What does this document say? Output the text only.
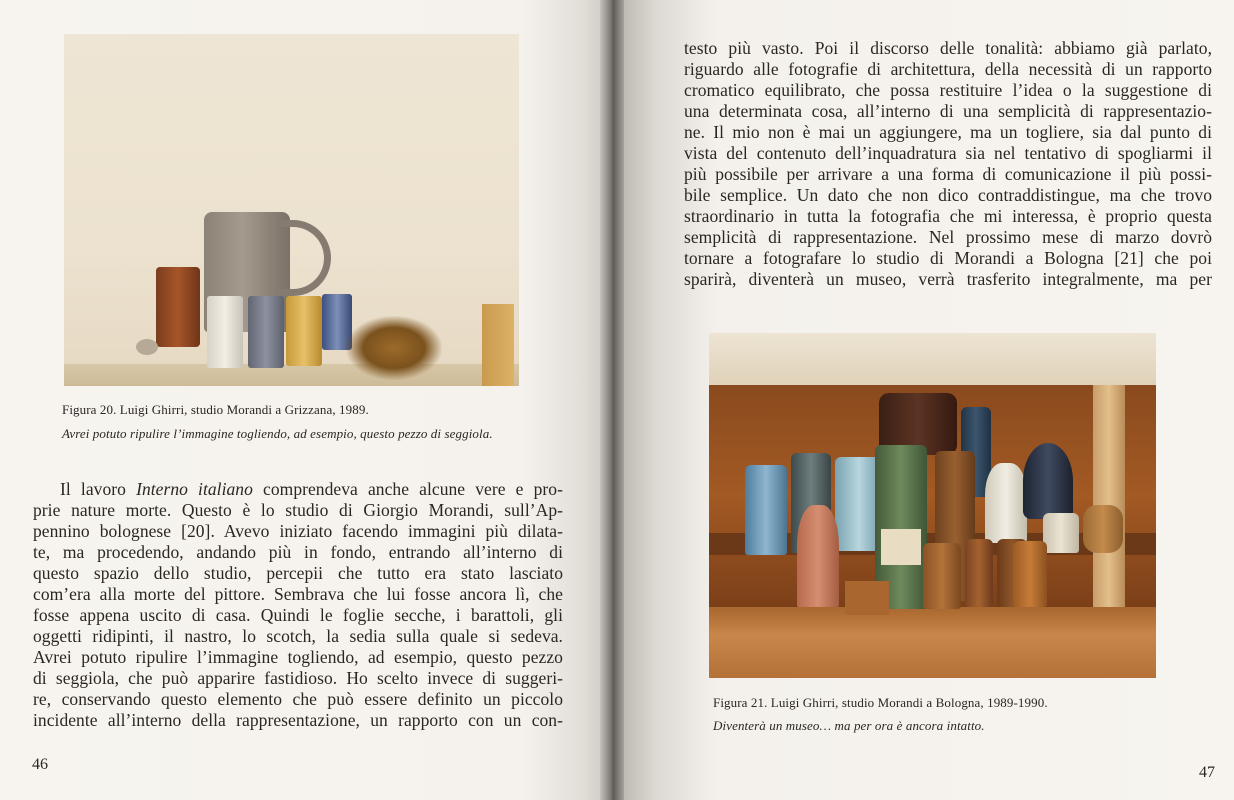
Figura 20. Luigi Ghirri, studio Morandi a Grizzana, 1989.
Avrei potuto ripulire l’immagine togliendo, ad esempio, questo pezzo di seggiola.
Il lavoro Interno italiano comprendeva anche alcune vere e pro-
prie nature morte. Questo è lo studio di Giorgio Morandi, sull’Ap-
pennino bolognese [20]. Avevo iniziato facendo immagini più dilata-
te, ma procedendo, andando più in fondo, entrando all’interno di
questo spazio dello studio, percepii che tutto era stato lasciato
com’era alla morte del pittore. Sembrava che lui fosse ancora lì, che
fosse appena uscito di casa. Quindi le foglie secche, i barattoli, gli
oggetti ridipinti, il nastro, lo scotch, la sedia sulla quale si sedeva.
Avrei potuto ripulire l’immagine togliendo, ad esempio, questo pezzo
di seggiola, che può apparire fastidioso. Ho scelto invece di suggeri-
re, conservando questo elemento che può essere definito un piccolo
incidente all’interno della rappresentazione, un rapporto con un con-
46
testo più vasto. Poi il discorso delle tonalità: abbiamo già parlato,
riguardo alle fotografie di architettura, della necessità di un rapporto
cromatico equilibrato, che possa restituire l’idea o la suggestione di
una determinata cosa, all’interno di una semplicità di rappresentazio-
ne. Il mio non è mai un aggiungere, ma un togliere, sia dal punto di
vista del contenuto dell’inquadratura sia nel tentativo di spogliarmi il
più possibile per arrivare a una forma di comunicazione il più possi-
bile semplice. Un dato che non dico contraddistingue, ma che trovo
straordinario in tutta la fotografia che mi interessa, è proprio questa
semplicità di rappresentazione. Nel prossimo mese di marzo dovrò
tornare a fotografare lo studio di Morandi a Bologna [21] che poi
sparirà, diventerà un museo, verrà trasferito integralmente, ma per
Figura 21. Luigi Ghirri, studio Morandi a Bologna, 1989-1990.
Diventerà un museo… ma per ora è ancora intatto.
47
